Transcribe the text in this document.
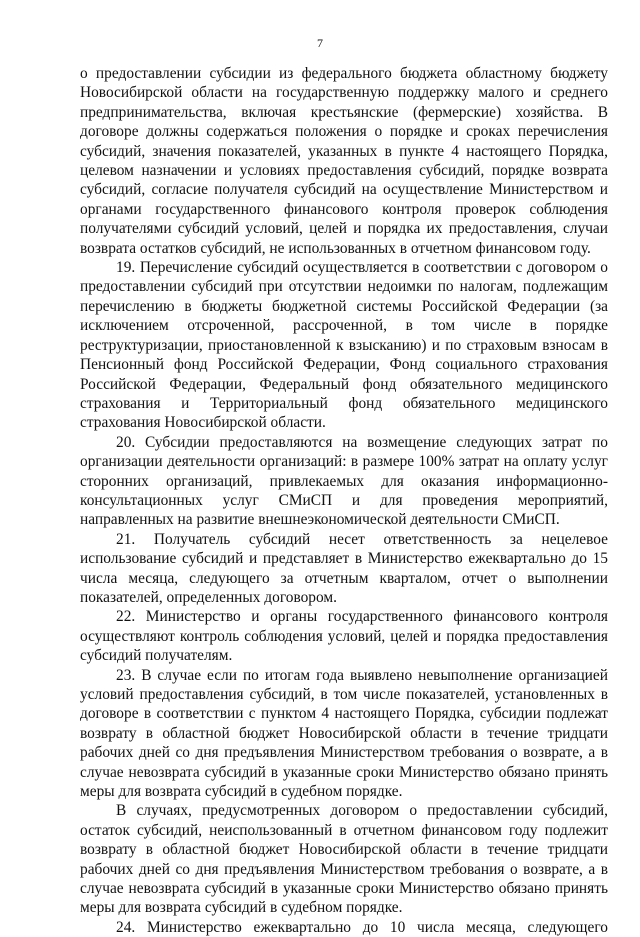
7

о предоставлении субсидии из федерального бюджета областному бюджету Новосибирской области на государственную поддержку малого и среднего предпринимательства, включая крестьянские (фермерские) хозяйства. В договоре должны содержаться положения о порядке и сроках перечисления субсидий, значения показателей, указанных в пункте 4 настоящего Порядка, целевом назначении и условиях предоставления субсидий, порядке возврата субсидий, согласие получателя субсидий на осуществление Министерством и органами государственного финансового контроля проверок соблюдения получателями субсидий условий, целей и порядка их предоставления, случаи возврата остатков субсидий, не использованных в отчетном финансовом году.

19. Перечисление субсидий осуществляется в соответствии с договором о предоставлении субсидий при отсутствии недоимки по налогам, подлежащим перечислению в бюджеты бюджетной системы Российской Федерации (за исключением отсроченной, рассроченной, в том числе в порядке реструктуризации, приостановленной к взысканию) и по страховым взносам в Пенсионный фонд Российской Федерации, Фонд социального страхования Российской Федерации, Федеральный фонд обязательного медицинского страхования и Территориальный фонд обязательного медицинского страхования Новосибирской области.

20. Субсидии предоставляются на возмещение следующих затрат по организации деятельности организаций: в размере 100% затрат на оплату услуг сторонних организаций, привлекаемых для оказания информационно-консультационных услуг СМиСП и для проведения мероприятий, направленных на развитие внешнеэкономической деятельности СМиСП.

21. Получатель субсидий несет ответственность за нецелевое использование субсидий и представляет в Министерство ежеквартально до 15 числа месяца, следующего за отчетным кварталом, отчет о выполнении показателей, определенных договором.

22. Министерство и органы государственного финансового контроля осуществляют контроль соблюдения условий, целей и порядка предоставления субсидий получателям.

23. В случае если по итогам года выявлено невыполнение организацией условий предоставления субсидий, в том числе показателей, установленных в договоре в соответствии с пунктом 4 настоящего Порядка, субсидии подлежат возврату в областной бюджет Новосибирской области в течение тридцати рабочих дней со дня предъявления Министерством требования о возврате, а в случае невозврата субсидий в указанные сроки Министерство обязано принять меры для возврата субсидий в судебном порядке.

В случаях, предусмотренных договором о предоставлении субсидий, остаток субсидий, неиспользованный в отчетном финансовом году подлежит возврату в областной бюджет Новосибирской области в течение тридцати рабочих дней со дня предъявления Министерством требования о возврате, а в случае невозврата субсидий в указанные сроки Министерство обязано принять меры для возврата субсидий в судебном порядке.

24. Министерство ежеквартально до 10 числа месяца, следующего
